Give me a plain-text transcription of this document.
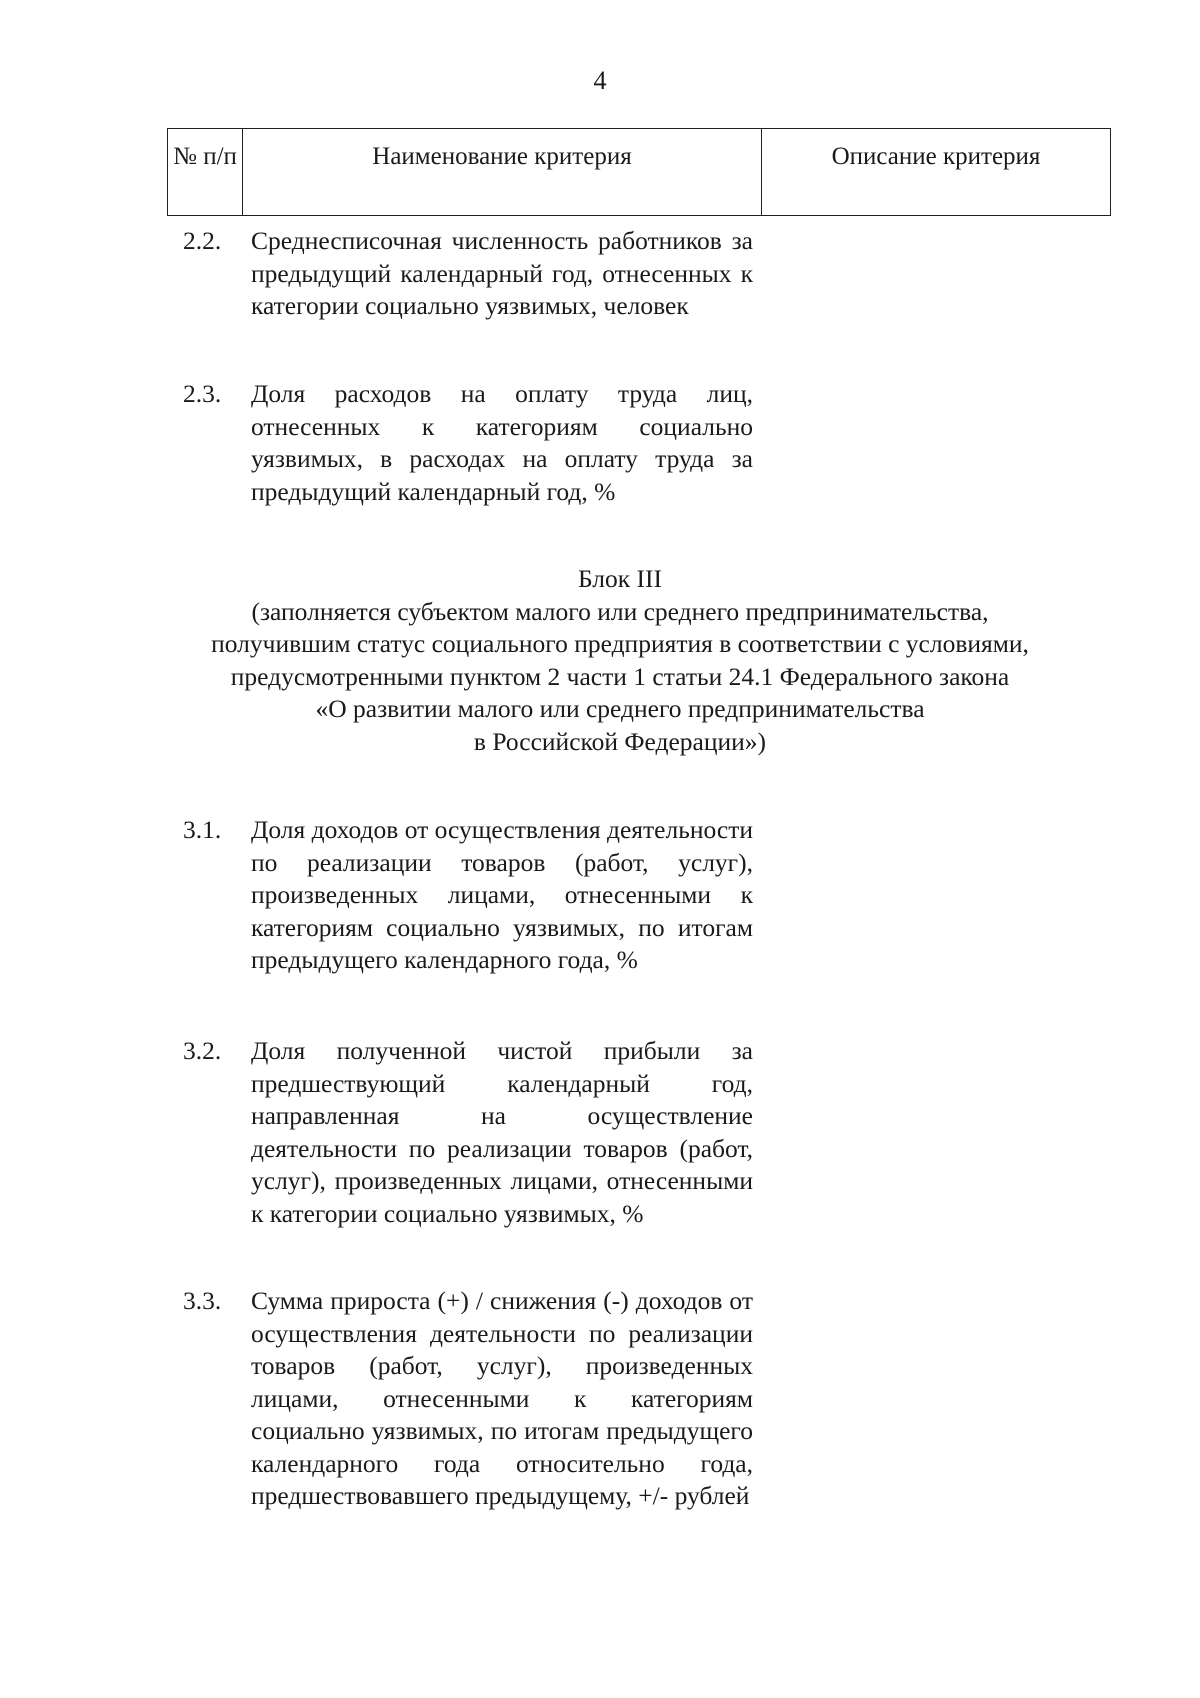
4
№ п/п	Наименование критерия	Описание критерия
2.2.	Среднесписочная численность работников за предыдущий календарный год, отнесенных к категории социально уязвимых, человек
2.3.	Доля расходов на оплату труда лиц, отнесенных к категориям социально уязвимых, в расходах на оплату труда за предыдущий календарный год, %
Блок III
(заполняется субъектом малого или среднего предпринимательства,
получившим статус социального предприятия в соответствии с условиями,
предусмотренными пунктом 2 части 1 статьи 24.1 Федерального закона
«О развитии малого или среднего предпринимательства
в Российской Федерации»)
3.1.	Доля доходов от осуществления деятельности по реализации товаров (работ, услуг), произведенных лицами, отнесенными к категориям социально уязвимых, по итогам предыдущего календарного года, %
3.2.	Доля полученной чистой прибыли за предшествующий календарный год, направленная на осуществление деятельности по реализации товаров (работ, услуг), произведенных лицами, отнесенными к категории социально уязвимых, %
3.3.	Сумма прироста (+) / снижения (-) доходов от осуществления деятельности по реализации товаров (работ, услуг), произведенных лицами, отнесенными к категориям социально уязвимых, по итогам предыдущего календарного года относительно года, предшествовавшего предыдущему, +/- рублей
